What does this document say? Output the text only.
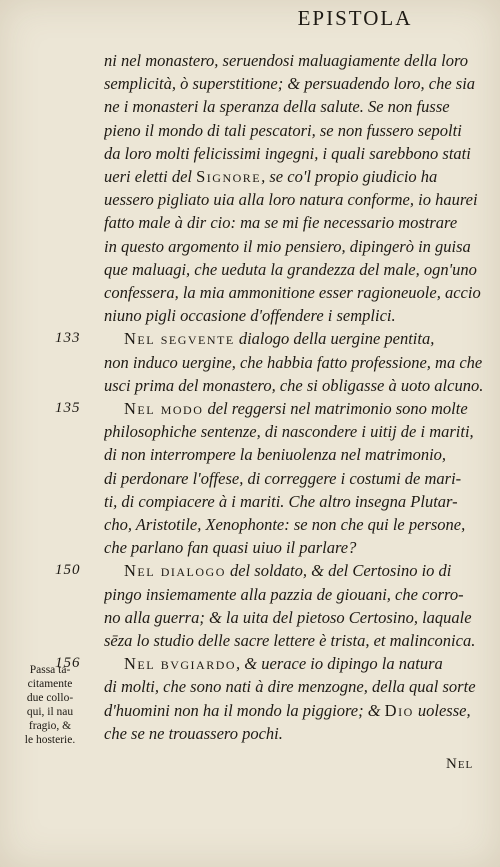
EPISTOLA
ni nel monastero, seruendosi maluagiamente della loro
semplicità, ò superstitione; & persuadendo loro, che sia
ne i monasteri la speranza della salute. Se non fusse
pieno il mondo di tali pescatori, se non fussero sepolti
da loro molti felicissimi ingegni, i quali sarebbono stati
ueri eletti del Signore, se co'l propio giudicio ha
uessero pigliato uia alla loro natura conforme, io haurei
fatto male à dir cio: ma se mi fie necessario mostrare
in questo argomento il mio pensiero, dipingerò in guisa
que maluagi, che ueduta la grandezza del male, ogn'uno
confessera, la mia ammonitione esser ragioneuole, accio
niuno pigli occasione d'offendere i semplici.
Nel segvente dialogo della uergine pentita,
133
non induco uergine, che habbia fatto professione, ma che
usci prima del monastero, che si obligasse à uoto alcuno.
Nel modo del reggersi nel matrimonio sono molte
135
philosophiche sentenze, di nascondere i uitij de i mariti,
di non interrompere la beniuolenza nel matrimonio,
di perdonare l'offese, di correggere i costumi de mari-
ti, di compiacere à i mariti. Che altro insegna Plutar-
cho, Aristotile, Xenophonte: se non che qui le persone,
che parlano fan quasi uiuo il parlare?
Nel dialogo del soldato, & del Certosino io di
150
pingo insiemamente alla pazzia de giouani, che corro-
no alla guerra; & la uita del pietoso Certosino, laquale
sēza lo studio delle sacre lettere è trista, et malinconica.
Nel bvgiardo, & uerace io dipingo la natura
156
di molti, che sono nati à dire menzogne, della qual sorte
d'huomini non ha il mondo la piggiore; & Dio uolesse,
che se ne trouassero pochi.
Passa ta-
citamente
due collo-
qui, il nau
fragio, &
le hosterie.
Nel
